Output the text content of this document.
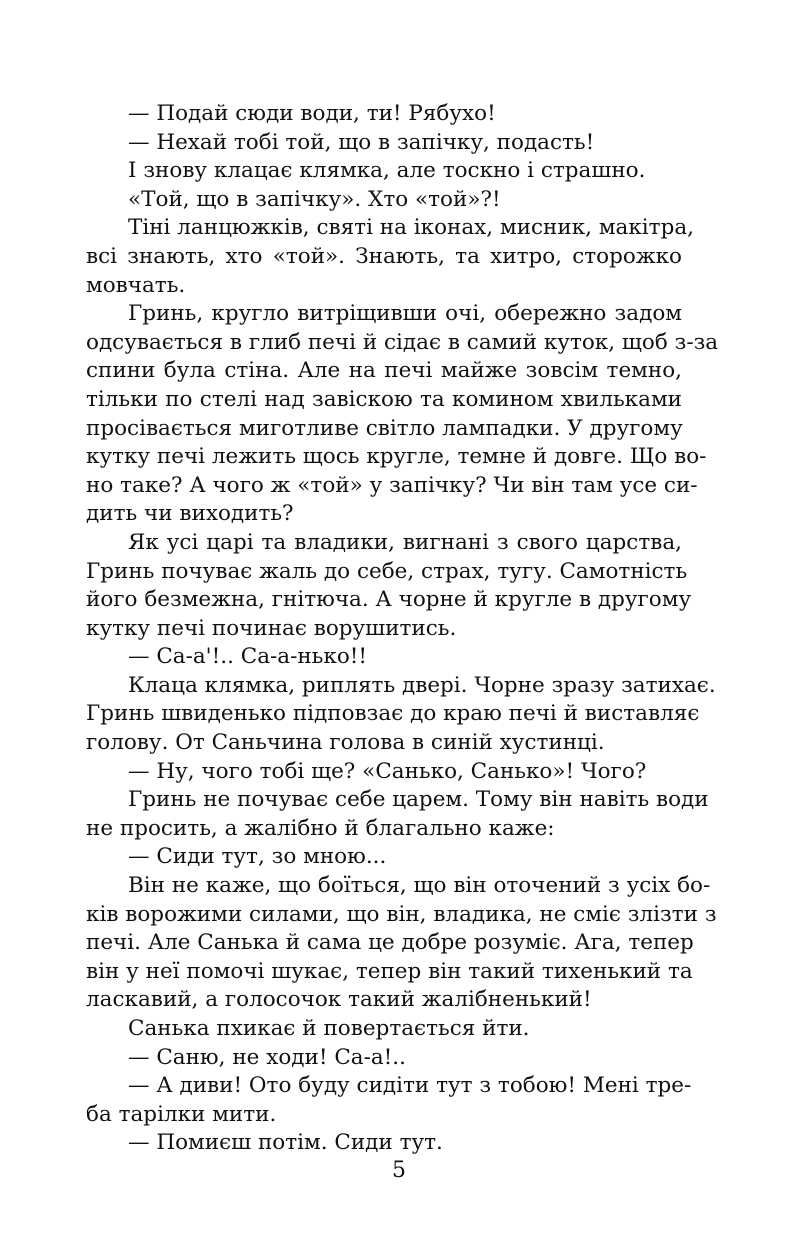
— Подай сюди води, ти! Рябухо!
— Нехай тобі той, що в запічку, подасть!
І знову клацає клямка, але тоскно і страшно.
«Той, що в запічку». Хто «той»?!
Тіні ланцюжків, святі на іконах, мисник, макітра,
всі знають, хто «той». Знають, та хитро, сторожко
мовчать.
Гринь, кругло витріщивши очі, обережно задом
одсувається в глиб печі й сідає в самий куток, щоб з-за
спини була стіна. Але на печі майже зовсім темно,
тільки по стелі над завіскою та комином хвильками
просівається миготливе світло лампадки. У другому
кутку печі лежить щось кругле, темне й довге. Що во-
но таке? А чого ж «той» у запічку? Чи він там усе си-
дить чи виходить?
Як усі царі та владики, вигнані з свого царства,
Гринь почуває жаль до себе, страх, тугу. Самотність
його безмежна, гнітюча. А чорне й кругле в другому
кутку печі починає ворушитись.
— Са-а'!.. Са-а-нько!!
Клаца клямка, риплять двері. Чорне зразу затихає.
Гринь швиденько підповзає до краю печі й виставляє
голову. От Саньчина голова в синій хустинці.
— Ну, чого тобі ще? «Санько, Санько»! Чого?
Гринь не почуває себе царем. Тому він навіть води
не просить, а жалібно й благально каже:
— Сиди тут, зо мною...
Він не каже, що боїться, що він оточений з усіх бо-
ків ворожими силами, що він, владика, не сміє злізти з
печі. Але Санька й сама це добре розуміє. Ага, тепер
він у неї помочі шукає, тепер він такий тихенький та
ласкавий, а голосочок такий жалібненький!
Санька пхикає й повертається йти.
— Саню, не ходи! Са-а!..
— А диви! Ото буду сидіти тут з тобою! Мені тре-
ба тарілки мити.
— Помиєш потім. Сиди тут.
5
